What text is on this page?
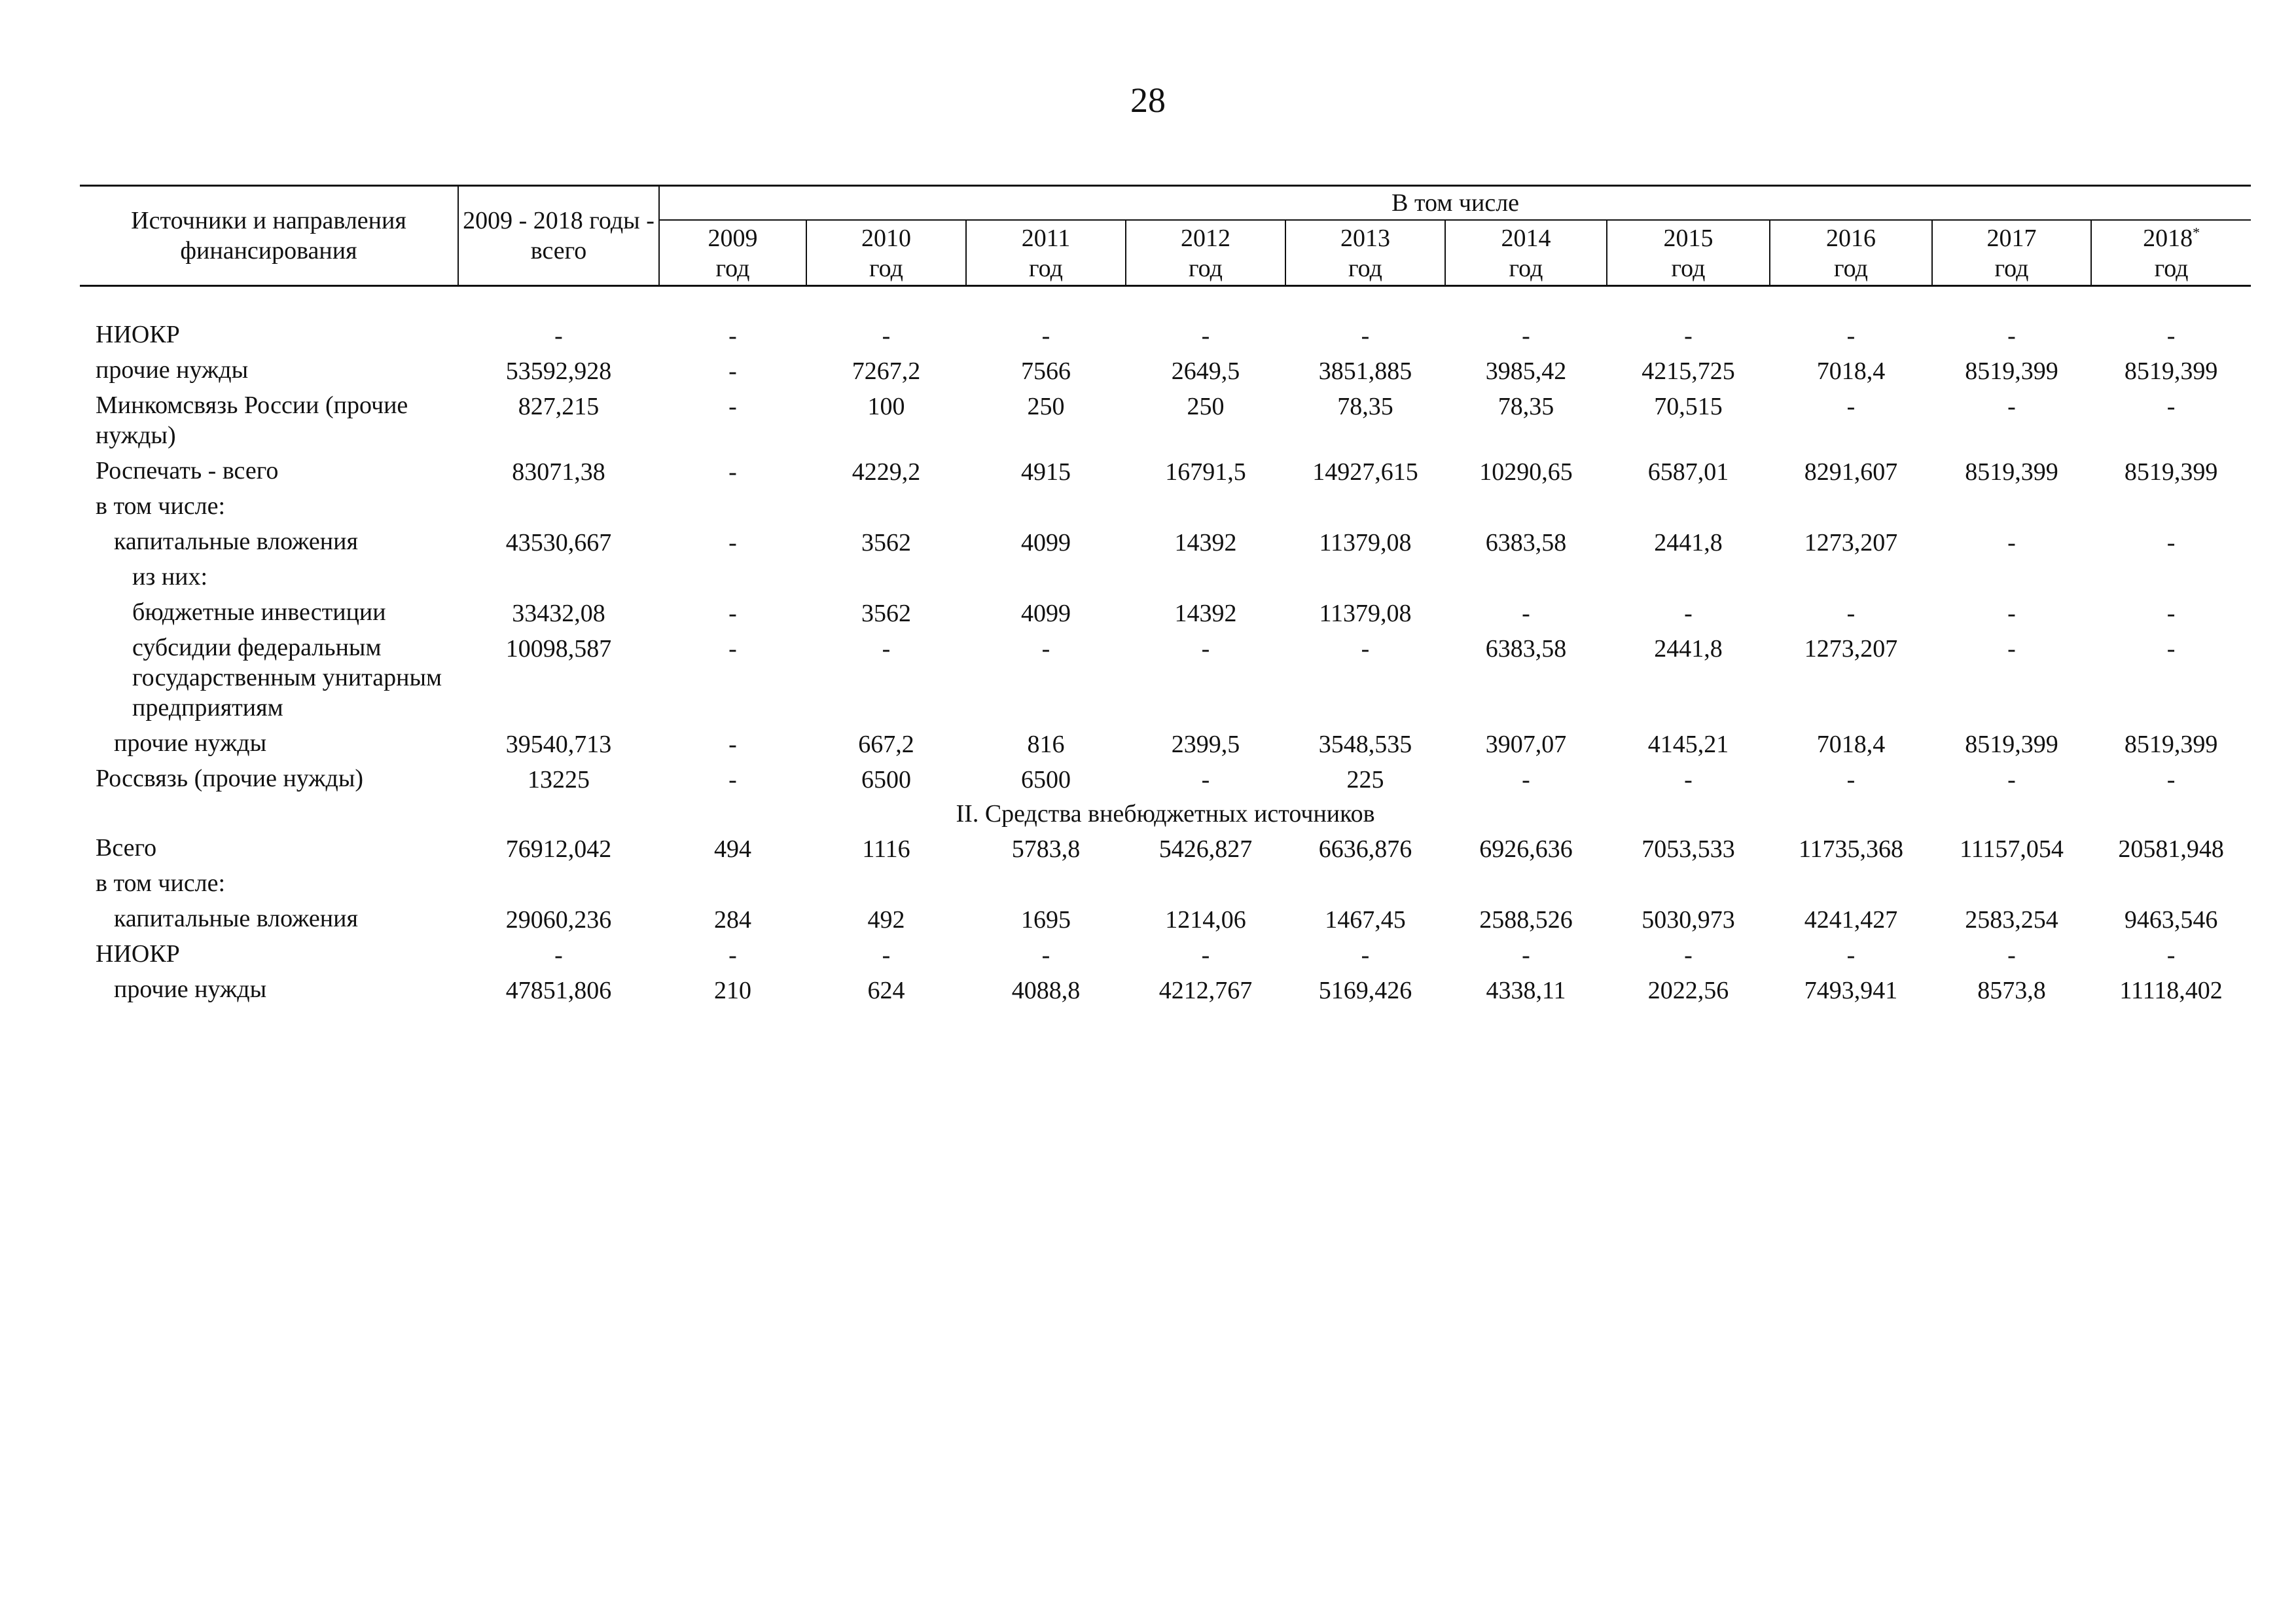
28
Источники и направления финансирования	2009 - 2018 годы - всего	В том числе									
		2009	2010	2011	2012	2013	2014	2015	2016	2017	2018*
		год	год	год	год	год	год	год	год	год	год

НИОКР	-	-	-	-	-	-	-	-	-	-	-
прочие нужды	53592,928	-	7267,2	7566	2649,5	3851,885	3985,42	4215,725	7018,4	8519,399	8519,399
Минкомсвязь России (прочие нужды)	827,215	-	100	250	250	78,35	78,35	70,515	-	-	-
Роспечать - всего	83071,38	-	4229,2	4915	16791,5	14927,615	10290,65	6587,01	8291,607	8519,399	8519,399
в том числе:											
капитальные вложения	43530,667	-	3562	4099	14392	11379,08	6383,58	2441,8	1273,207	-	-
из них:											
бюджетные инвестиции	33432,08	-	3562	4099	14392	11379,08	-	-	-	-	-
субсидии федеральным государственным унитарным предприятиям	10098,587	-	-	-	-	-	6383,58	2441,8	1273,207	-	-
прочие нужды	39540,713	-	667,2	816	2399,5	3548,535	3907,07	4145,21	7018,4	8519,399	8519,399
Россвязь (прочие нужды)	13225	-	6500	6500	-	225	-	-	-	-	-
II. Средства внебюджетных источников											
Всего	76912,042	494	1116	5783,8	5426,827	6636,876	6926,636	7053,533	11735,368	11157,054	20581,948
в том числе:											
капитальные вложения	29060,236	284	492	1695	1214,06	1467,45	2588,526	5030,973	4241,427	2583,254	9463,546
НИОКР	-	-	-	-	-	-	-	-	-	-	-
прочие нужды	47851,806	210	624	4088,8	4212,767	5169,426	4338,11	2022,56	7493,941	8573,8	11118,402
